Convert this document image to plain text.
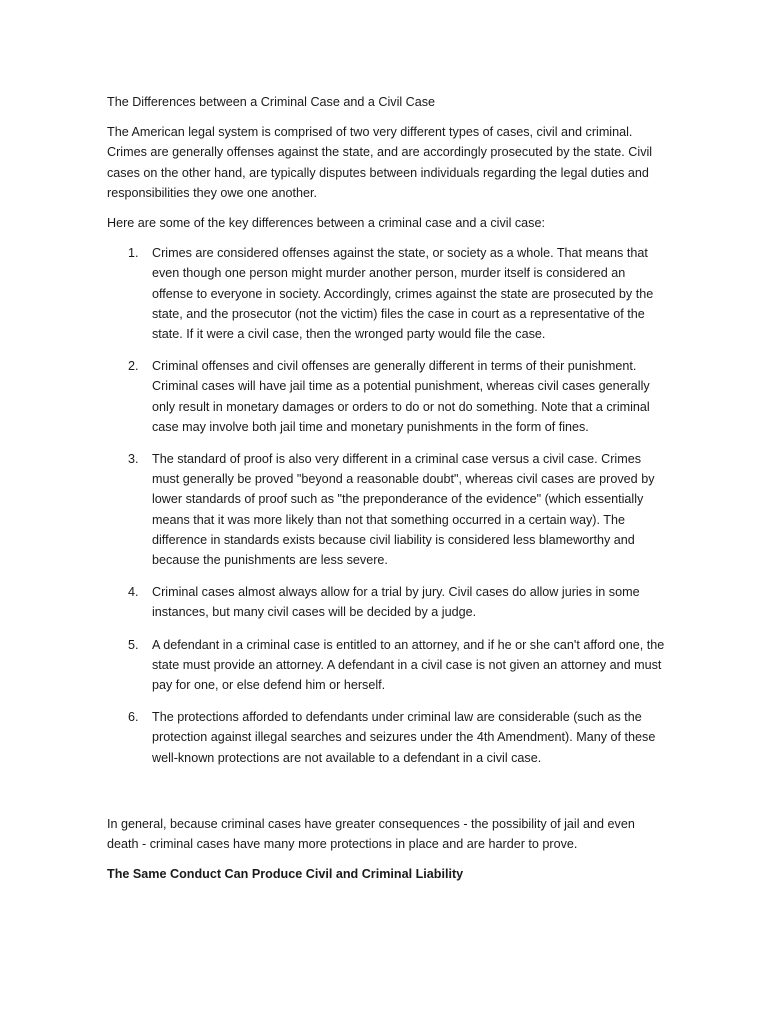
The Differences between a Criminal Case and a Civil Case

The American legal system is comprised of two very different types of cases, civil and criminal. Crimes are generally offenses against the state, and are accordingly prosecuted by the state. Civil cases on the other hand, are typically disputes between individuals regarding the legal duties and responsibilities they owe one another.

Here are some of the key differences between a criminal case and a civil case:

1. Crimes are considered offenses against the state, or society as a whole. That means that even though one person might murder another person, murder itself is considered an offense to everyone in society. Accordingly, crimes against the state are prosecuted by the state, and the prosecutor (not the victim) files the case in court as a representative of the state. If it were a civil case, then the wronged party would file the case.
2. Criminal offenses and civil offenses are generally different in terms of their punishment. Criminal cases will have jail time as a potential punishment, whereas civil cases generally only result in monetary damages or orders to do or not do something. Note that a criminal case may involve both jail time and monetary punishments in the form of fines.
3. The standard of proof is also very different in a criminal case versus a civil case. Crimes must generally be proved "beyond a reasonable doubt", whereas civil cases are proved by lower standards of proof such as "the preponderance of the evidence" (which essentially means that it was more likely than not that something occurred in a certain way). The difference in standards exists because civil liability is considered less blameworthy and because the punishments are less severe.
4. Criminal cases almost always allow for a trial by jury. Civil cases do allow juries in some instances, but many civil cases will be decided by a judge.
5. A defendant in a criminal case is entitled to an attorney, and if he or she can't afford one, the state must provide an attorney. A defendant in a civil case is not given an attorney and must pay for one, or else defend him or herself.
6. The protections afforded to defendants under criminal law are considerable (such as the protection against illegal searches and seizures under the 4th Amendment). Many of these well-known protections are not available to a defendant in a civil case.

In general, because criminal cases have greater consequences - the possibility of jail and even death - criminal cases have many more protections in place and are harder to prove.

The Same Conduct Can Produce Civil and Criminal Liability
